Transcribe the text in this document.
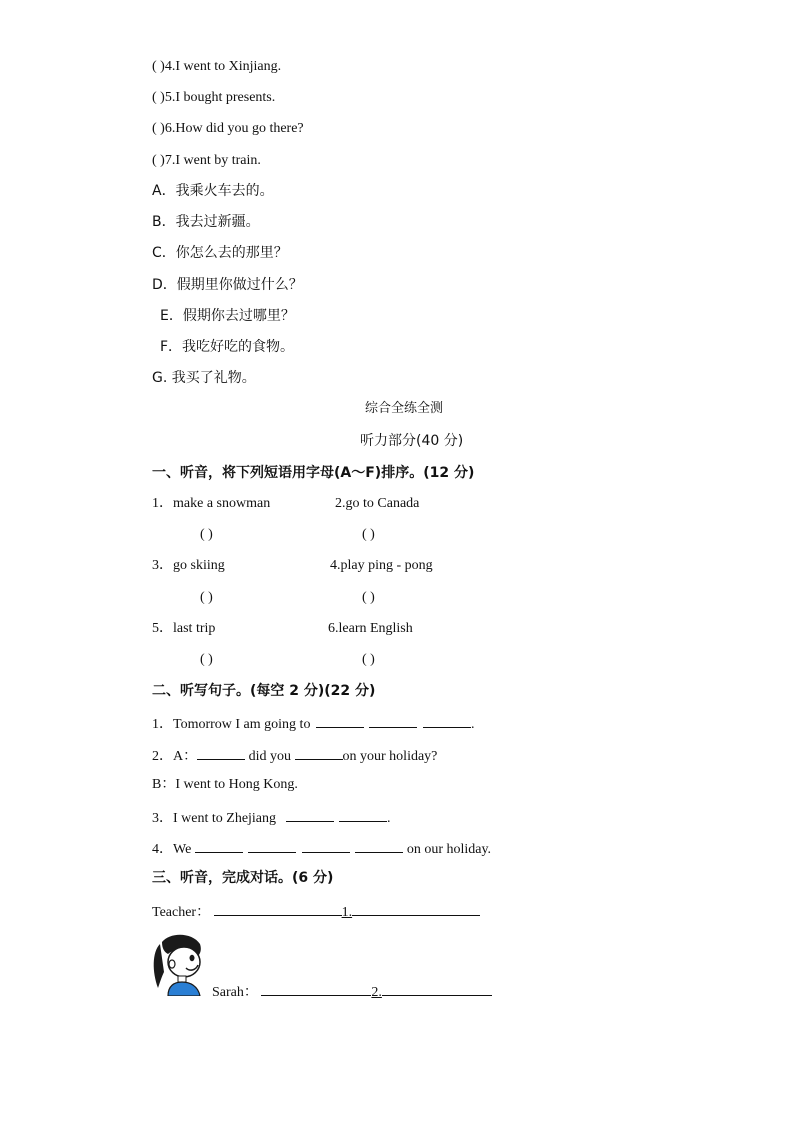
( )4.I went to Xinjiang.
( )5.I bought presents.
( )6.How did you go there?
( )7.I went by train.
A．我乘火车去的。
B．我去过新疆。
C．你怎么去的那里？
D．假期里你做过什么？
E．假期你去过哪里？
F．我吃好吃的食物。
G. 我买了礼物。
综合全练全测
听力部分(40 分)
一、听音，将下列短语用字母(A～F)排序。(12 分)
1．make a snowman	2.go to Canada
( )	( )
3．go skiing	4.play ping - pong
( )	( )
5．last trip	6.learn English
( )	( )
二、听写句子。(每空 2 分)(22 分)
1．Tomorrow I am going to	.
2．A：	did you	on your holiday?
B：I went to Hong Kong.
3．I went to Zhejiang	.
4．We	on our holiday.
三、听音，完成对话。(6 分)
Teacher：	1.
Sarah：	2.
